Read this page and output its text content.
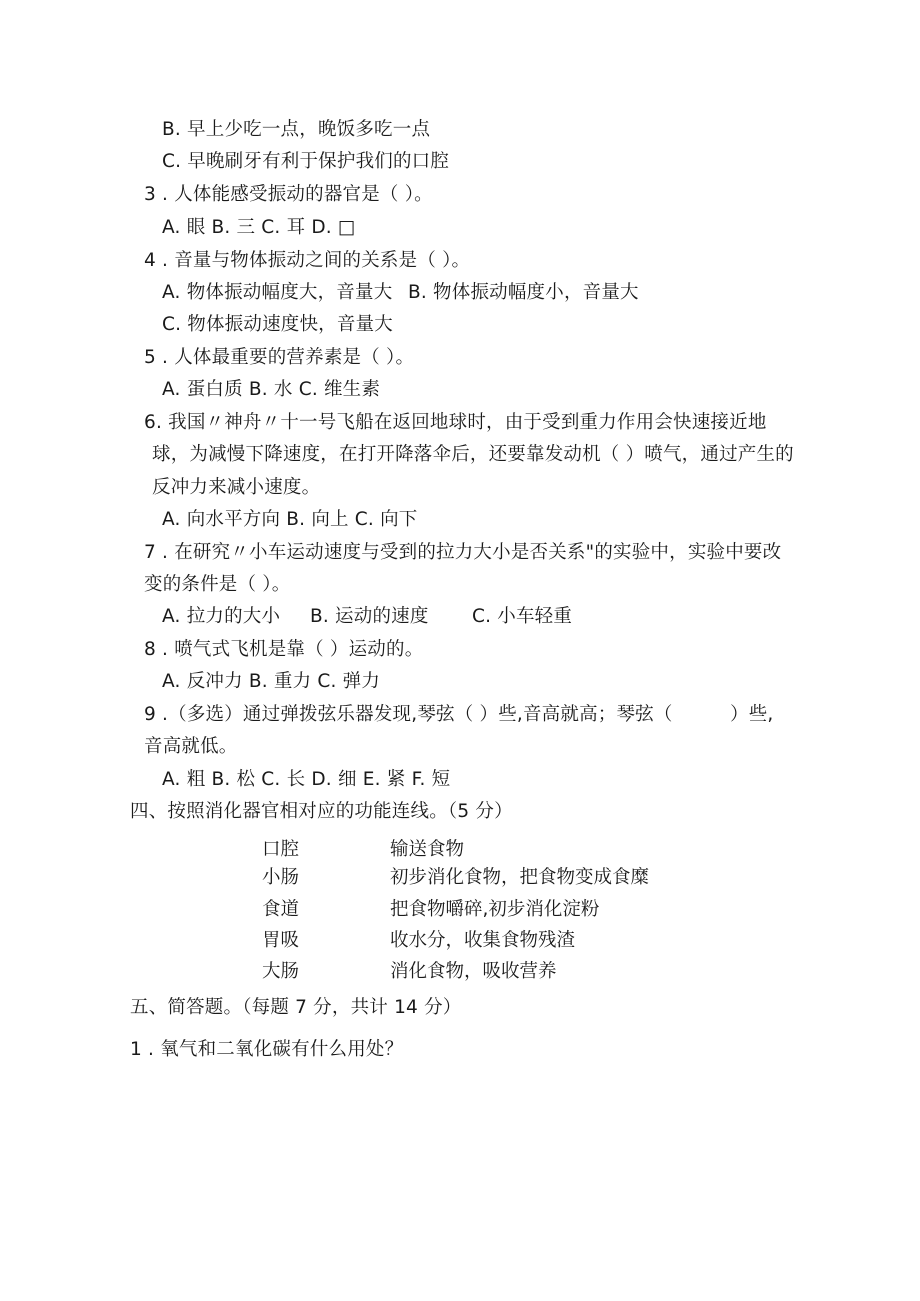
B. 早上少吃一点，晚饭多吃一点
C. 早晚刷牙有利于保护我们的口腔
3 . 人体能感受振动的器官是（ ）。
A. 眼 B. 三 C. 耳 D. □
4 . 音量与物体振动之间的关系是（ ）。
A. 物体振动幅度大，音量大 B. 物体振动幅度小，音量大
C. 物体振动速度快，音量大
5 . 人体最重要的营养素是（ ）。
A. 蛋白质 B. 水 C. 维生素
6. 我国〃神舟〃十一号飞船在返回地球时，由于受到重力作用会快速接近地
球，为减慢下降速度，在打开降落伞后，还要靠发动机（ ）喷气，通过产生的
反冲力来减小速度。
A. 向水平方向 B. 向上 C. 向下
7 . 在研究〃小车运动速度与受到的拉力大小是否关系"的实验中，实验中要改
变的条件是（ ）。
A. 拉力的大小 B. 运动的速度 C. 小车轻重
8 . 喷气式飞机是靠（ ）运动的。
A. 反冲力 B. 重力 C. 弹力
9 .（多选）通过弹拨弦乐器发现,琴弦（ ）些,音高就高；琴弦（	）些,
音高就低。
A. 粗 B. 松 C. 长 D. 细 E. 紧 F. 短
四、按照消化器官相对应的功能连线。（5 分）
口腔
小肠
食道
胃吸
大肠
输送食物
初步消化食物，把食物变成食糜
把食物嚼碎,初步消化淀粉
收水分，收集食物残渣
消化食物，吸收营养
五、简答题。（每题 7 分，共计 14 分）
1 . 氧气和二氧化碳有什么用处？
